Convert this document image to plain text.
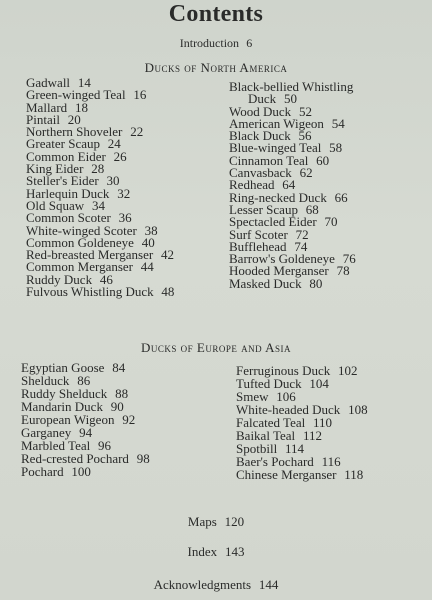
Contents
Introduction 6
Ducks of North America
Gadwall 14
Green-winged Teal 16
Mallard 18
Pintail 20
Northern Shoveler 22
Greater Scaup 24
Common Eider 26
King Eider 28
Steller's Eider 30
Harlequin Duck 32
Old Squaw 34
Common Scoter 36
White-winged Scoter 38
Common Goldeneye 40
Red-breasted Merganser 42
Common Merganser 44
Ruddy Duck 46
Fulvous Whistling Duck 48
Black-bellied Whistling
Duck 50
Wood Duck 52
American Wigeon 54
Black Duck 56
Blue-winged Teal 58
Cinnamon Teal 60
Canvasback 62
Redhead 64
Ring-necked Duck 66
Lesser Scaup 68
Spectacled Eider 70
Surf Scoter 72
Bufflehead 74
Barrow's Goldeneye 76
Hooded Merganser 78
Masked Duck 80
Ducks of Europe and Asia
Egyptian Goose 84
Shelduck 86
Ruddy Shelduck 88
Mandarin Duck 90
European Wigeon 92
Garganey 94
Marbled Teal 96
Red-crested Pochard 98
Pochard 100
Ferruginous Duck 102
Tufted Duck 104
Smew 106
White-headed Duck 108
Falcated Teal 110
Baikal Teal 112
Spotbill 114
Baer's Pochard 116
Chinese Merganser 118
Maps 120
Index 143
Acknowledgments 144
